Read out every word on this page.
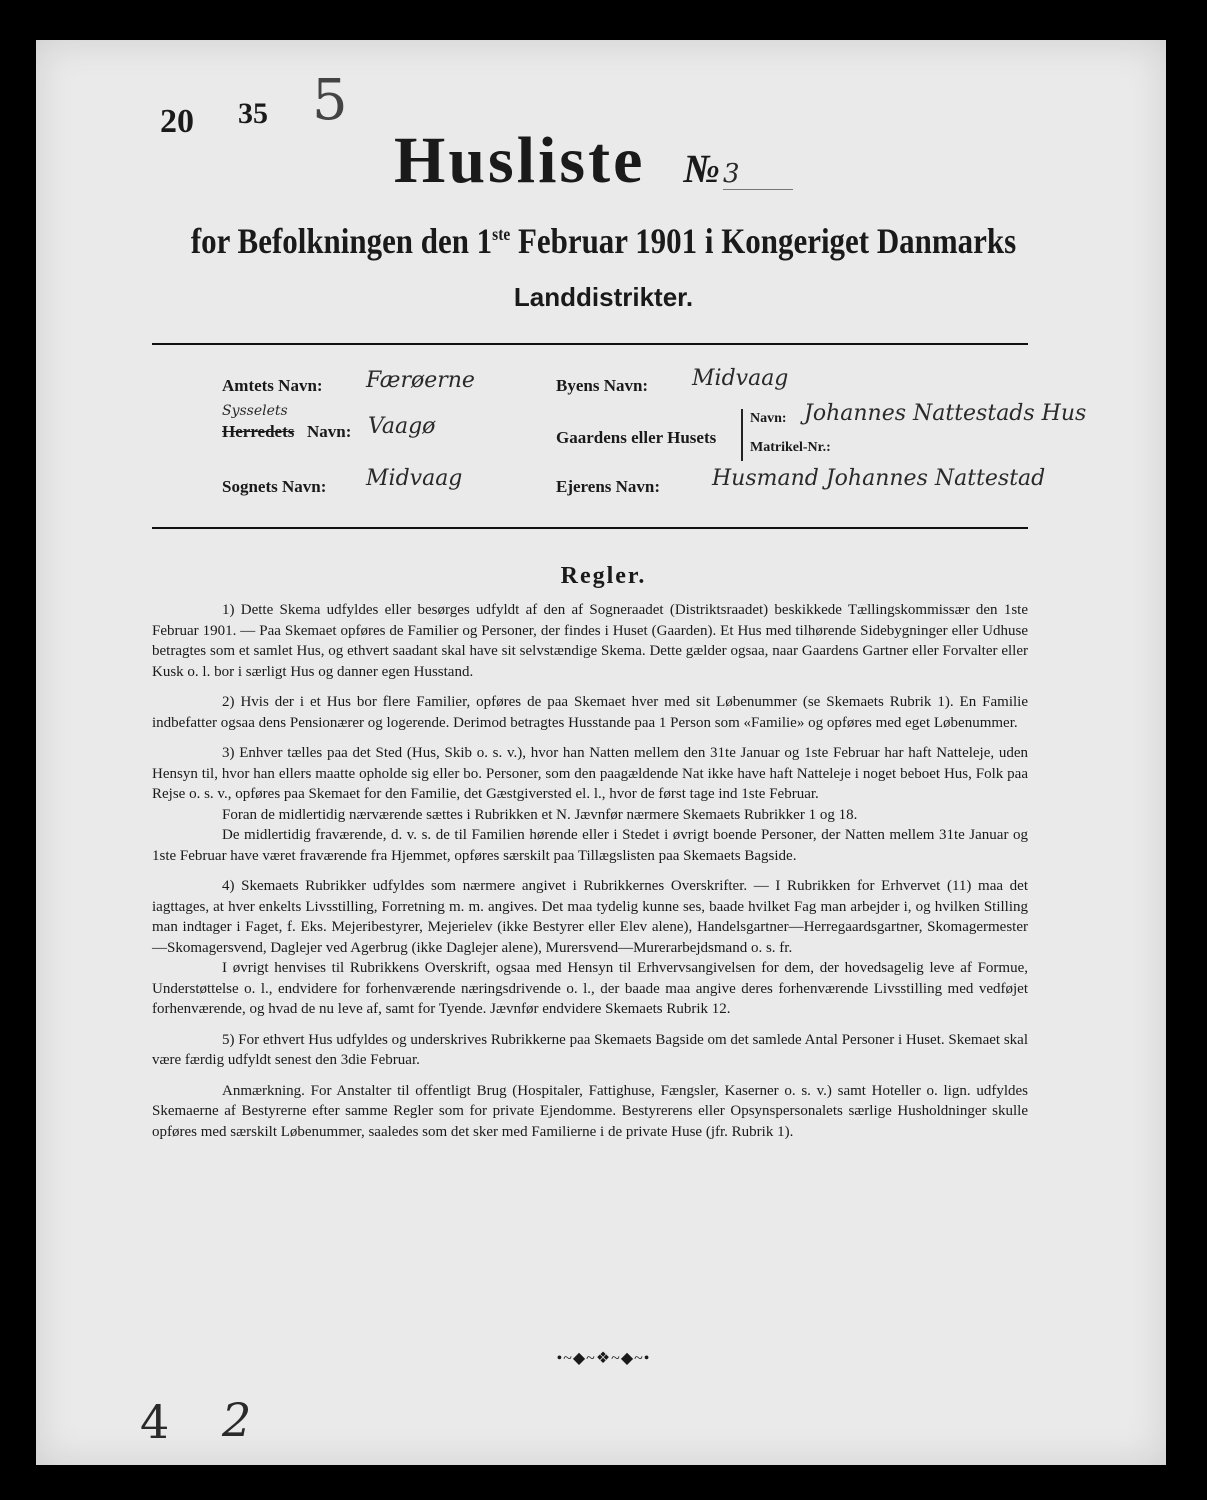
20 35 5
Husliste №3
for Befolkningen den 1ste Februar 1901 i Kongeriget Danmarks
Landdistrikter.
Amtets Navn: Færøerne
Sysselets
Herredets Navn: Vaagø
Sognets Navn: Midvaag
Byens Navn: Midvaag
Gaardens eller Husets
Navn: Johannes Nattestads Hus
Matrikel-Nr.:
Ejerens Navn: Husmand Johannes Nattestad
Regler.

1) Dette Skema udfyldes eller besørges udfyldt af den af Sogneraadet (Distriktsraadet) beskikkede Tællingskommissær den 1ste Februar 1901. — Paa Skemaet opføres de Familier og Personer, der findes i Huset (Gaarden). Et Hus med tilhørende Sidebygninger eller Udhuse betragtes som et samlet Hus, og ethvert saadant skal have sit selvstændige Skema. Dette gælder ogsaa, naar Gaardens Gartner eller Forvalter eller Kusk o. l. bor i særligt Hus og danner egen Husstand.

2) Hvis der i et Hus bor flere Familier, opføres de paa Skemaet hver med sit Løbenummer (se Skemaets Rubrik 1). En Familie indbefatter ogsaa dens Pensionærer og logerende. Derimod betragtes Husstande paa 1 Person som «Familie» og opføres med eget Løbenummer.

3) Enhver tælles paa det Sted (Hus, Skib o. s. v.), hvor han Natten mellem den 31te Januar og 1ste Februar har haft Natteleje, uden Hensyn til, hvor han ellers maatte opholde sig eller bo. Personer, som den paagældende Nat ikke have haft Natteleje i noget beboet Hus, Folk paa Rejse o. s. v., opføres paa Skemaet for den Familie, det Gæstgiversted el. l., hvor de først tage ind 1ste Februar.

Foran de midlertidig nærværende sættes i Rubrikken et N. Jævnfør nærmere Skemaets Rubrikker 1 og 18.

De midlertidig fraværende, d. v. s. de til Familien hørende eller i Stedet i øvrigt boende Personer, der Natten mellem 31te Januar og 1ste Februar have været fraværende fra Hjemmet, opføres særskilt paa Tillægslisten paa Skemaets Bagside.

4) Skemaets Rubrikker udfyldes som nærmere angivet i Rubrikkernes Overskrifter. — I Rubrikken for Erhvervet (11) maa det iagttages, at hver enkelts Livsstilling, Forretning m. m. angives. Det maa tydelig kunne ses, baade hvilket Fag man arbejder i, og hvilken Stilling man indtager i Faget, f. Eks. Mejeribestyrer, Mejerielev (ikke Bestyrer eller Elev alene), Handelsgartner—Herregaardsgartner, Skomagermester—Skomagersvend, Daglejer ved Agerbrug (ikke Daglejer alene), Murersvend—Murerarbejdsmand o. s. fr.

I øvrigt henvises til Rubrikkens Overskrift, ogsaa med Hensyn til Erhvervsangivelsen for dem, der hovedsagelig leve af Formue, Understøttelse o. l., endvidere for forhenværende næringsdrivende o. l., der baade maa angive deres forhenværende Livsstilling med vedføjet forhenværende, og hvad de nu leve af, samt for Tyende. Jævnfør endvidere Skemaets Rubrik 12.

5) For ethvert Hus udfyldes og underskrives Rubrikkerne paa Skemaets Bagside om det samlede Antal Personer i Huset. Skemaet skal være færdig udfyldt senest den 3die Februar.

Anmærkning. For Anstalter til offentligt Brug (Hospitaler, Fattighuse, Fængsler, Kaserner o. s. v.) samt Hoteller o. lign. udfyldes Skemaerne af Bestyrerne efter samme Regler som for private Ejendomme. Bestyrerens eller Opsynspersonalets særlige Husholdninger skulle opføres med særskilt Løbenummer, saaledes som det sker med Familierne i de private Huse (jfr. Rubrik 1).

•~◆~❖~◆~•
4 2
